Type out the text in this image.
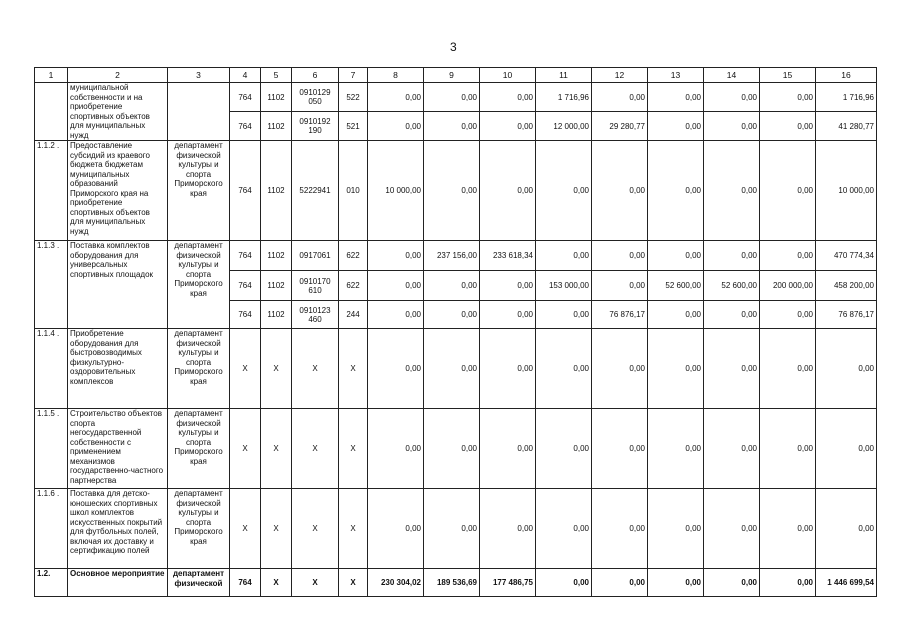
3
1	2	3	4	5	6	7	8	9	10	11	12	13	14	15	16
	муниципальной собственности и на приобретение спортивных объектов для муниципальных нужд		764	1102	0910129 050	522	0,00	0,00	0,00	1 716,96	0,00	0,00	0,00	0,00	1 716,96
			764	1102	0910192 190	521	0,00	0,00	0,00	12 000,00	29 280,77	0,00	0,00	0,00	41 280,77
1.1.2 .	Предоставление субсидий из краевого бюджета бюджетам муниципальных образований Приморского края на приобретение спортивных объектов для муниципальных нужд	департамент физической культуры и спорта Приморского края	764	1102	5222941	010	10 000,00	0,00	0,00	0,00	0,00	0,00	0,00	0,00	10 000,00
1.1.3 .	Поставка комплектов оборудования для универсальных спортивных площадок	департамент физической культуры и спорта Приморского края	764	1102	0917061	622	0,00	237 156,00	233 618,34	0,00	0,00	0,00	0,00	0,00	470 774,34
			764	1102	0910170 610	622	0,00	0,00	0,00	153 000,00	0,00	52 600,00	52 600,00	200 000,00	458 200,00
			764	1102	0910123 460	244	0,00	0,00	0,00	0,00	76 876,17	0,00	0,00	0,00	76 876,17
1.1.4 .	Приобретение оборудования для быстровозводимых физкультурно-оздоровительных комплексов	департамент физической культуры и спорта Приморского края	X	X	X	X	0,00	0,00	0,00	0,00	0,00	0,00	0,00	0,00	0,00
1.1.5 .	Строительство объектов спорта негосударственной собственности с применением механизмов государственно-частного партнерства	департамент физической культуры и спорта Приморского края	X	X	X	X	0,00	0,00	0,00	0,00	0,00	0,00	0,00	0,00	0,00
1.1.6 .	Поставка для детско-юношеских спортивных школ комплектов искусственных покрытий для футбольных полей, включая их доставку и сертификацию полей	департамент физической культуры и спорта Приморского края	X	X	X	X	0,00	0,00	0,00	0,00	0,00	0,00	0,00	0,00	0,00
1.2.	Основное мероприятие	департамент физической	764	X	X	X	230 304,02	189 536,69	177 486,75	0,00	0,00	0,00	0,00	0,00	1 446 699,54
